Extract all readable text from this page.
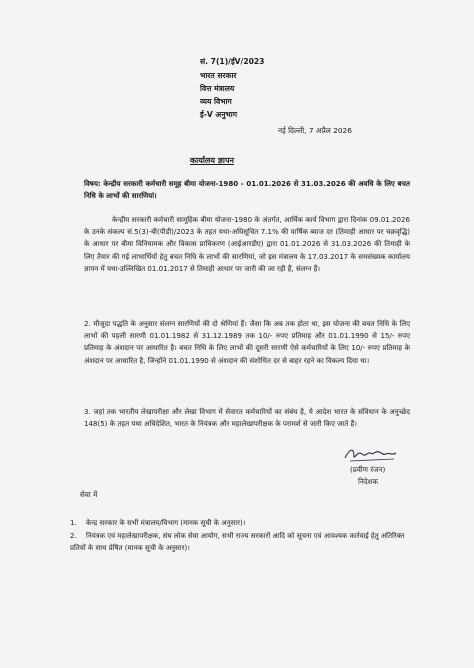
सं. 7(1)/ईV/2023
भारत सरकार
वित्त मंत्रालय
व्यय विभाग
ई-V अनुभाग
नई दिल्ली, 7 अप्रैल 2026
कार्यालय ज्ञापन
विषय: केन्द्रीय सरकारी कर्मचारी समूह बीमा योजना-1980 - 01.01.2026 से 31.03.2026 की अवधि के लिए बचत निधि के लाभों की सारणियां।

केन्द्रीय सरकारी कर्मचारी सामूहिक बीमा योजना-1980 के अंतर्गत, आर्थिक कार्य विभाग द्वारा दिनांक 09.01.2026 के उनके संकल्प सं.5(3)-बी(पीडी)/2023 के तहत यथा-अधिसूचित 7.1% की वार्षिक ब्याज दर (तिमाही आधार पर चक्रवृद्धि) के आधार पर बीमा विनियामक और विकास प्राधिकरण (आईआरडीए) द्वारा 01.01.2026 से 31.03.2026 की तिमाही के लिए तैयार की गई लाभार्थियों हेतु बचत निधि के लाभों की सारणियां, जो इस मंत्रालय के 17.03.2017 के समसंख्यक कार्यालय ज्ञापन में यथा-उल्लिखित 01.01.2017 से तिमाही आधार पर जारी की जा रही हैं, संलग्न हैं।

2. मौजूदा पद्धति के अनुसार संलग्न सारणियों की दो श्रेणियां हैं। जैसा कि अब तक होता था, इस योजना की बचत निधि के लिए लाभों की पहली सारणी 01.01.1982 से 31.12.1989 तक 10/- रुपए प्रतिमाह और 01.01.1990 से 15/- रुपए प्रतिमाह के अंशदान पर आधारित है। बचत निधि के लिए लाभों की दूसरी सारणी ऐसे कर्मचारियों के लिए 10/- रुपए प्रतिमाह के अंशदान पर आधारित है, जिन्होंने 01.01.1990 से अंशदान की संशोधित दर से बाहर रहने का विकल्प दिया था।
3. जहां तक भारतीय लेखापरीक्षा और लेखा विभाग में सेवारत कर्मचारियों का संबंध है, ये आदेश भारत के संविधान के अनुच्छेद 148(5) के तहत यथा अधिदेशित, भारत के नियंत्रक और महालेखापरीक्षक के परामर्श से जारी किए जाते हैं।
(प्रवीण रंजन)
निदेशक
सेवा में
1. केन्द्र सरकार के सभी मंत्रालय/विभाग (मानक सूची के अनुसार)।
2. नियंत्रक एवं महालेखापरीक्षक, संघ लोक सेवा आयोग, सभी राज्य सरकारों आदि को सूचना एवं आवश्यक कार्रवाई हेतु अतिरिक्त प्रतियों के साथ प्रेषित (मानक सूची के अनुसार)।
